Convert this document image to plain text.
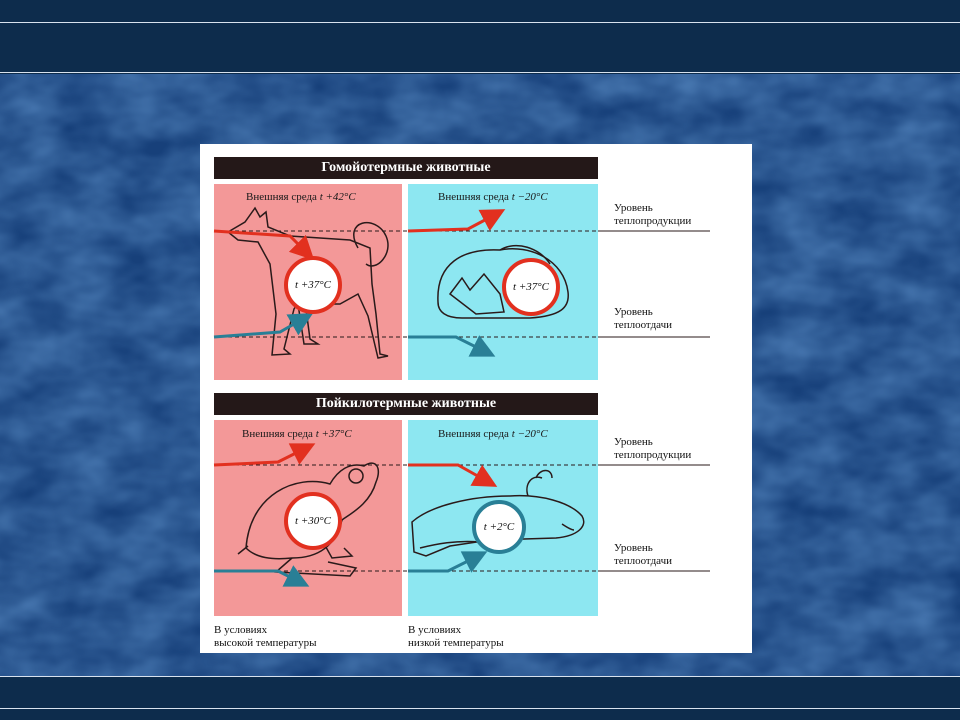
Гомойотермные животные
Внешняя среда t +42°C	Внешняя среда t −20°C
Пойкилотермные животные
Внешняя среда t +37°C	Внешняя среда t −20°C
t +37°C	t +37°C
t +30°C	t +2°C
Уровень
теплопродукции
Уровень
теплоотдачи
Уровень
теплопродукции
Уровень
теплоотдачи
В условиях
высокой температуры
В условиях
низкой температуры
